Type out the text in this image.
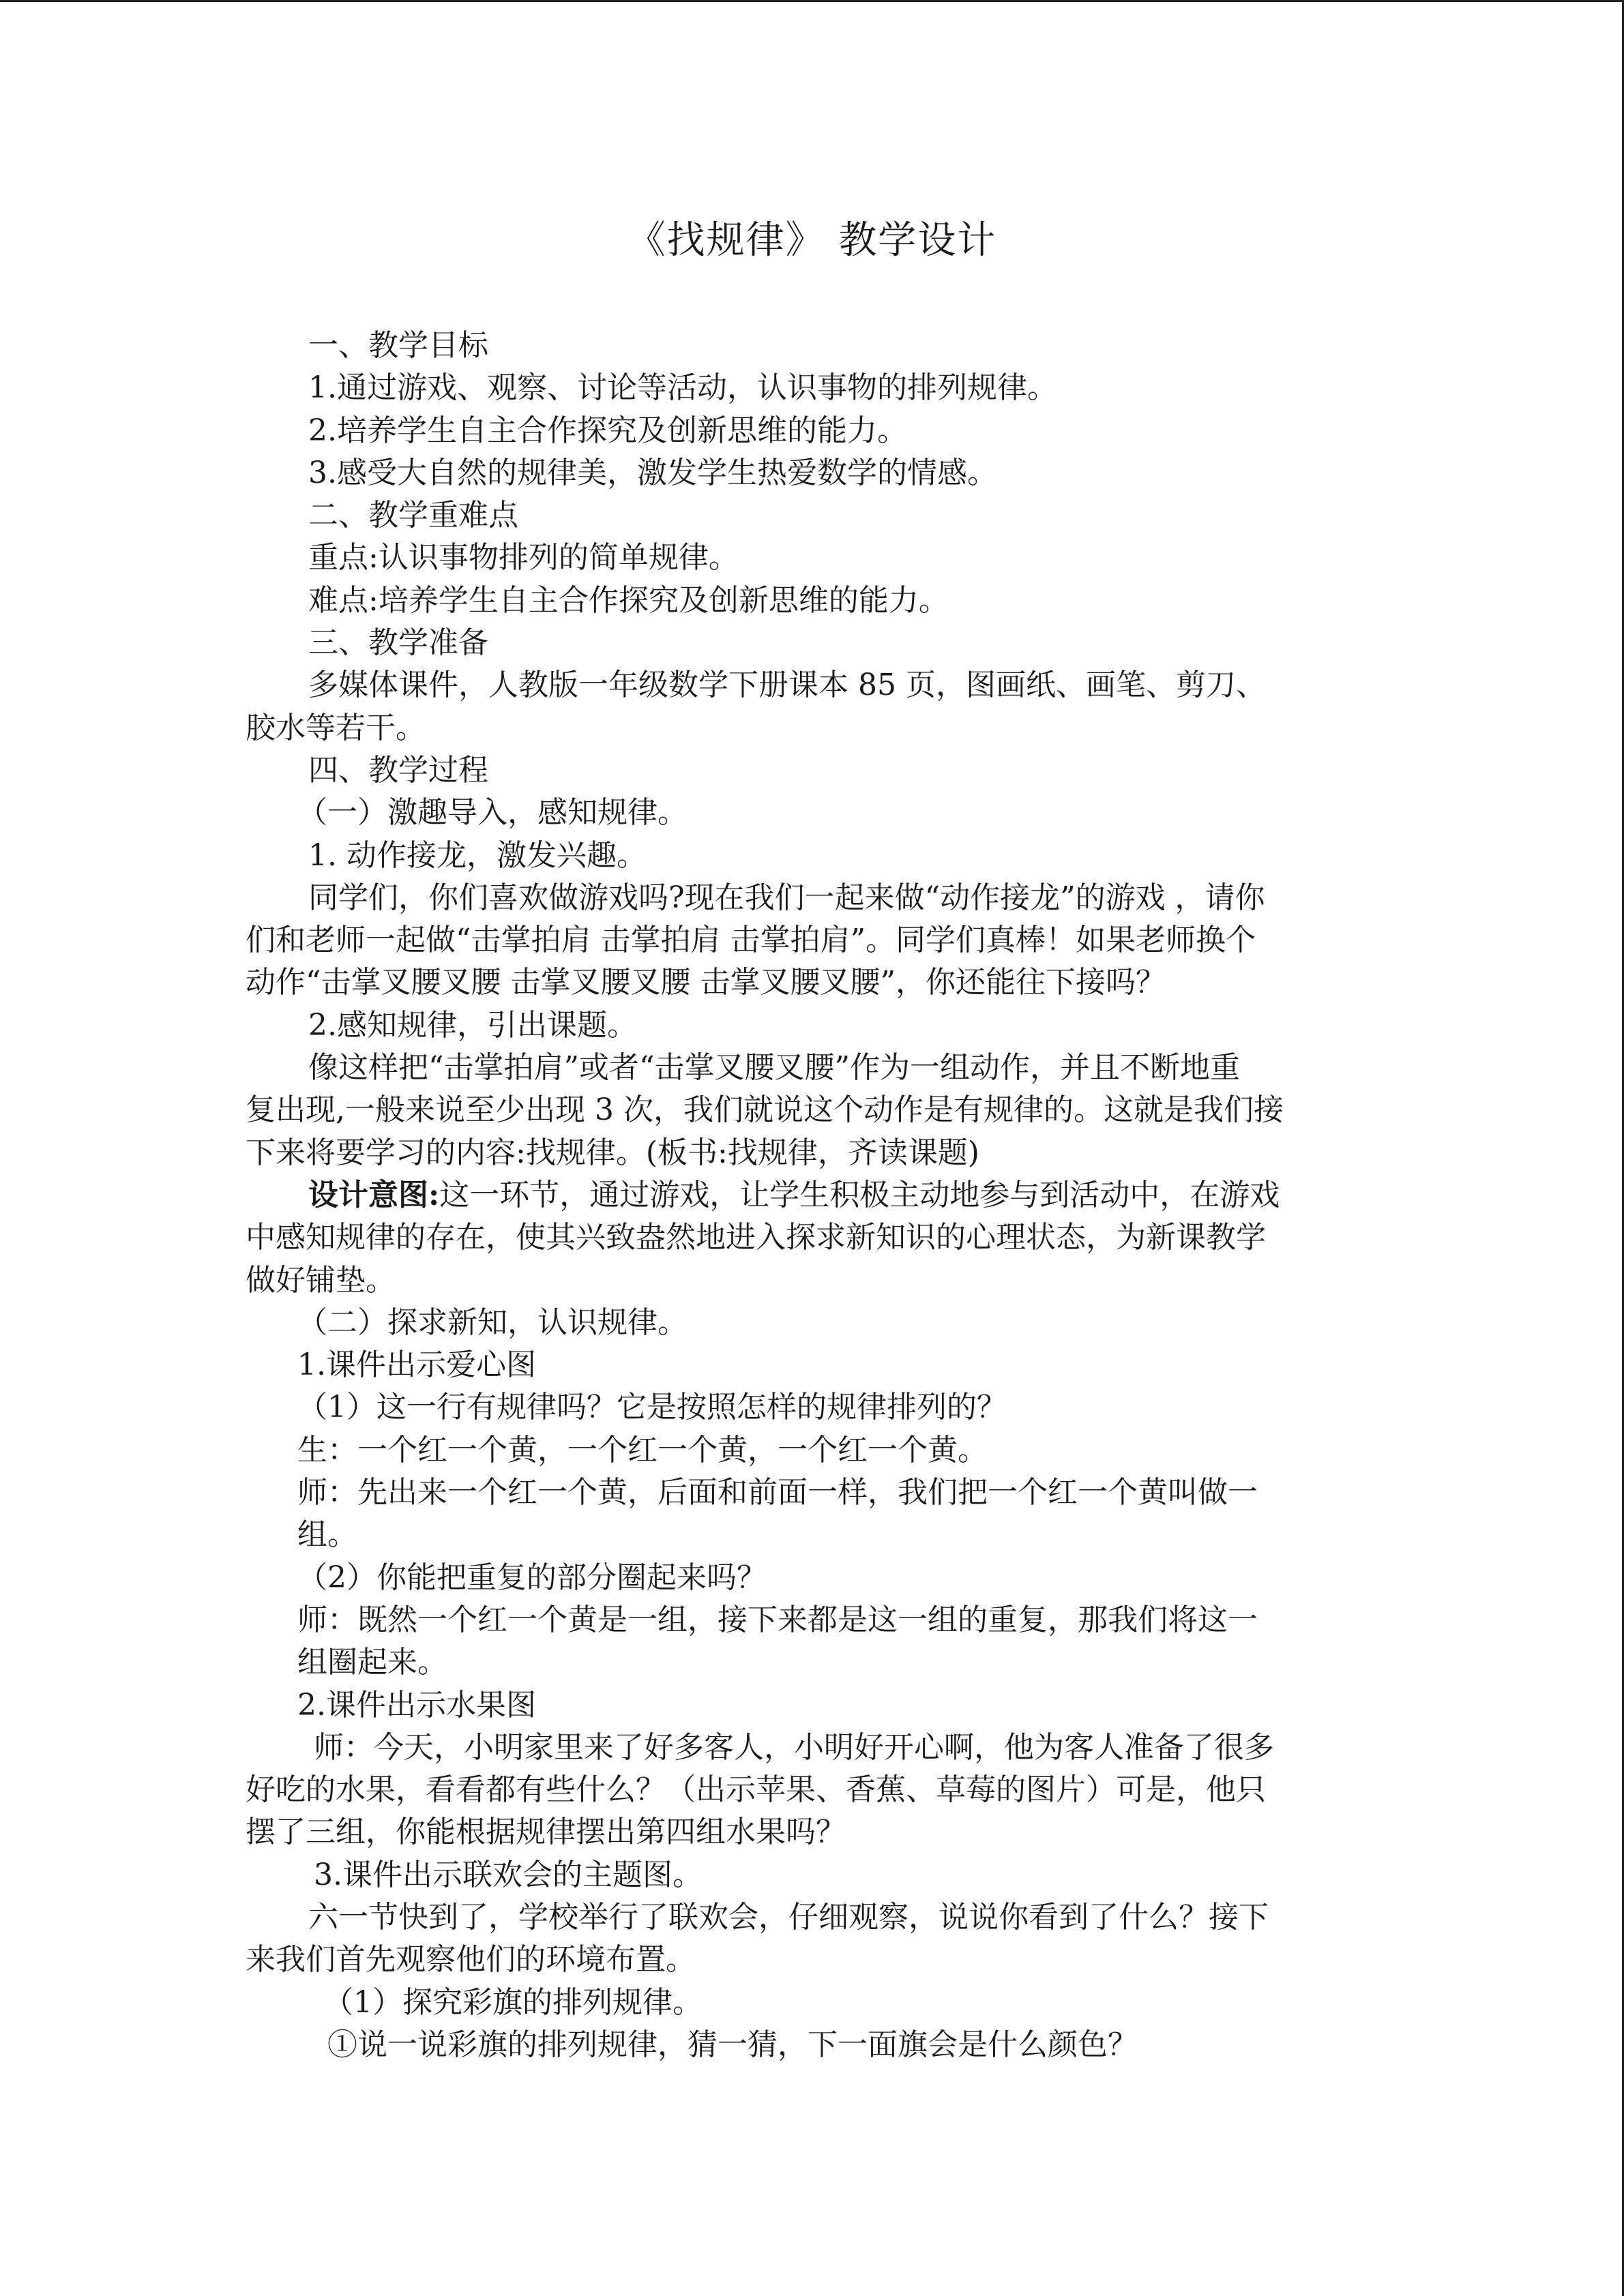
《找规律》 教学设计
一、教学目标
1.通过游戏、观察、讨论等活动，认识事物的排列规律。
2.培养学生自主合作探究及创新思维的能力。
3.感受大自然的规律美，激发学生热爱数学的情感。
二、教学重难点
重点:认识事物排列的简单规律。
难点:培养学生自主合作探究及创新思维的能力。
三、教学准备
多媒体课件，人教版一年级数学下册课本 85 页，图画纸、画笔、剪刀、
胶水等若干。
四、教学过程
（一）激趣导入，感知规律。
1. 动作接龙，激发兴趣。
同学们，你们喜欢做游戏吗?现在我们一起来做“动作接龙”的游戏 ，请你
们和老师一起做“击掌拍肩 击掌拍肩 击掌拍肩”。同学们真棒！如果老师换个
动作“击掌叉腰叉腰 击掌叉腰叉腰 击掌叉腰叉腰”，你还能往下接吗？
2.感知规律，引出课题。
像这样把“击掌拍肩”或者“击掌叉腰叉腰”作为一组动作，并且不断地重
复出现,一般来说至少出现 3 次，我们就说这个动作是有规律的。这就是我们接
下来将要学习的内容:找规律。(板书:找规律，齐读课题)
设计意图:这一环节，通过游戏，让学生积极主动地参与到活动中，在游戏
中感知规律的存在，使其兴致盎然地进入探求新知识的心理状态，为新课教学
做好铺垫。
（二）探求新知，认识规律。
1.课件出示爱心图
（1）这一行有规律吗？它是按照怎样的规律排列的？
生：一个红一个黄，一个红一个黄，一个红一个黄。
师：先出来一个红一个黄，后面和前面一样，我们把一个红一个黄叫做一
组。
（2）你能把重复的部分圈起来吗？
师：既然一个红一个黄是一组，接下来都是这一组的重复，那我们将这一
组圈起来。
2.课件出示水果图
师：今天，小明家里来了好多客人，小明好开心啊，他为客人准备了很多
好吃的水果，看看都有些什么？（出示苹果、香蕉、草莓的图片）可是，他只
摆了三组，你能根据规律摆出第四组水果吗？
3.课件出示联欢会的主题图。
六一节快到了，学校举行了联欢会，仔细观察，说说你看到了什么？接下
来我们首先观察他们的环境布置。
（1）探究彩旗的排列规律。
①说一说彩旗的排列规律，猜一猜，下一面旗会是什么颜色？
